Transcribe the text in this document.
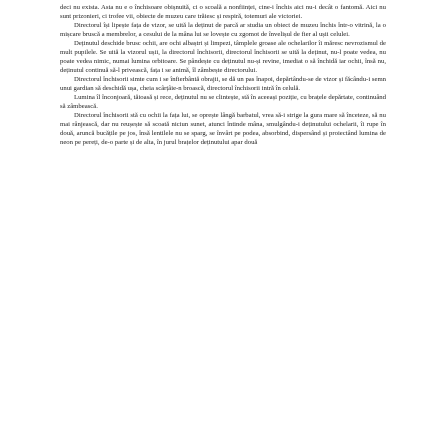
deci nu exista. Asta nu e o închisoare obișnuită, ci o scoală a nonființei, cine-i închis aici nu-i decât o fantomă. Aici nu sunt prizonieri, ci trofee vii, obiecte de muzeu care trăiesc și respiră, totemuri ale victoriei.

Directorul își lipește fața de vizor, se uită la deținut de parcă ar studia un obiect de muzeu închis într-o vitrină, la o mișcare bruscă a membrelor, a cesului de la mâna lui se lovește cu zgomot de învelișul de fier al ușii celulei.

Deținutul deschide brusc ochii, are ochi albaștri și limpezi, tâmplele groase ale ochelarilor îi măresc nevrozismul de mult pupilele. Se uită la vizorul ușii, la directorul închisorii, directorul închisorii se uită la deținut, nu-l poate vedea, nu poate vedea nimic, numai lumina orbitoare. Se pândește cu deținutul nu-și revine, imediat o să închidă iar ochii, însă nu, deținutul continuă să-l privească, fața i se animă, îl zâmbește directorului.

Directorul închisorii simte cum i se înfierbântă obrajii, se dă un pas înapoi, depărtându-se de vizor și făcându-i semn unui gardian să deschidă ușa, cheia scârțâie-n broască, directorul închisorii intră în celulă.

Lumina îl înconjoară, tăioasă și rece, deținutul nu se clintește, stă în aceeași poziție, cu brațele depărtate, continuând să zâmbească.

Directorul închisorii stă cu ochii la fața lui, se oprește lângă barbatul, vrea să-i strige la gura mare să înceteze, să nu mai rânjească, dar nu reușește să scoată niciun sunet, atunci întinde mâna, smulgându-i deținutului ochelarii, îi rupe în două, aruncă bucățile pe jos, însă lentilele nu se sparg, se învârt pe podea, absorbind, dispersând și proiectând lumina de neon pe pereți, de-o parte și de alta, în jurul brațelor deținutului apar două
